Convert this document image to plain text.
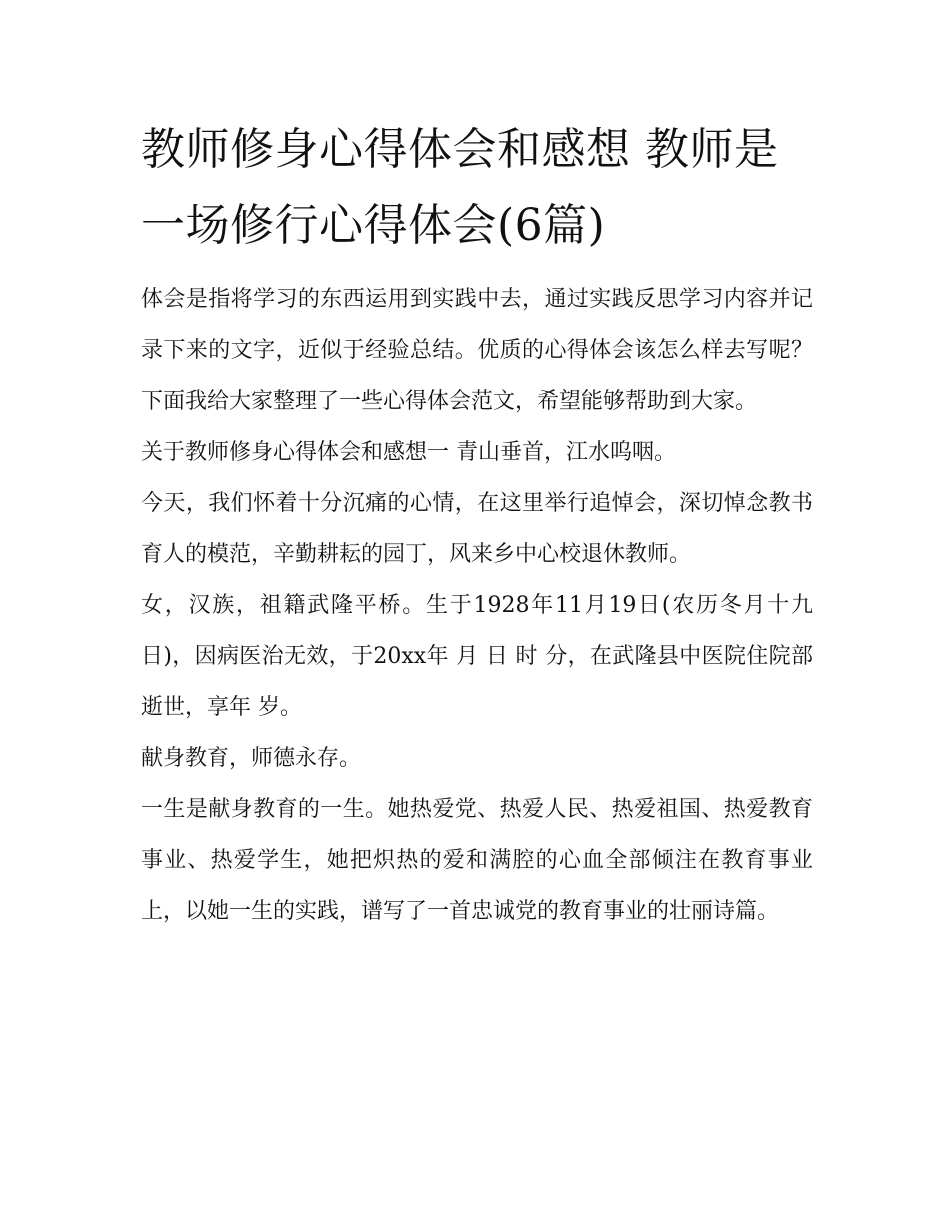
教师修身心得体会和感想 教师是一场修行心得体会(6篇)

体会是指将学习的东西运用到实践中去，通过实践反思学习内容并记录下来的文字，近似于经验总结。优质的心得体会该怎么样去写呢？下面我给大家整理了一些心得体会范文，希望能够帮助到大家。

关于教师修身心得体会和感想一 青山垂首，江水呜咽。

今天，我们怀着十分沉痛的心情，在这里举行追悼会，深切悼念教书育人的模范，辛勤耕耘的园丁，风来乡中心校退休教师。

女，汉族，祖籍武隆平桥。生于1928年11月19日(农历冬月十九日)，因病医治无效，于20xx年 月 日 时 分，在武隆县中医院住院部逝世，享年 岁。

献身教育，师德永存。

一生是献身教育的一生。她热爱党、热爱人民、热爱祖国、热爱教育事业、热爱学生，她把炽热的爱和满腔的心血全部倾注在教育事业上，以她一生的实践，谱写了一首忠诚党的教育事业的壮丽诗篇。
